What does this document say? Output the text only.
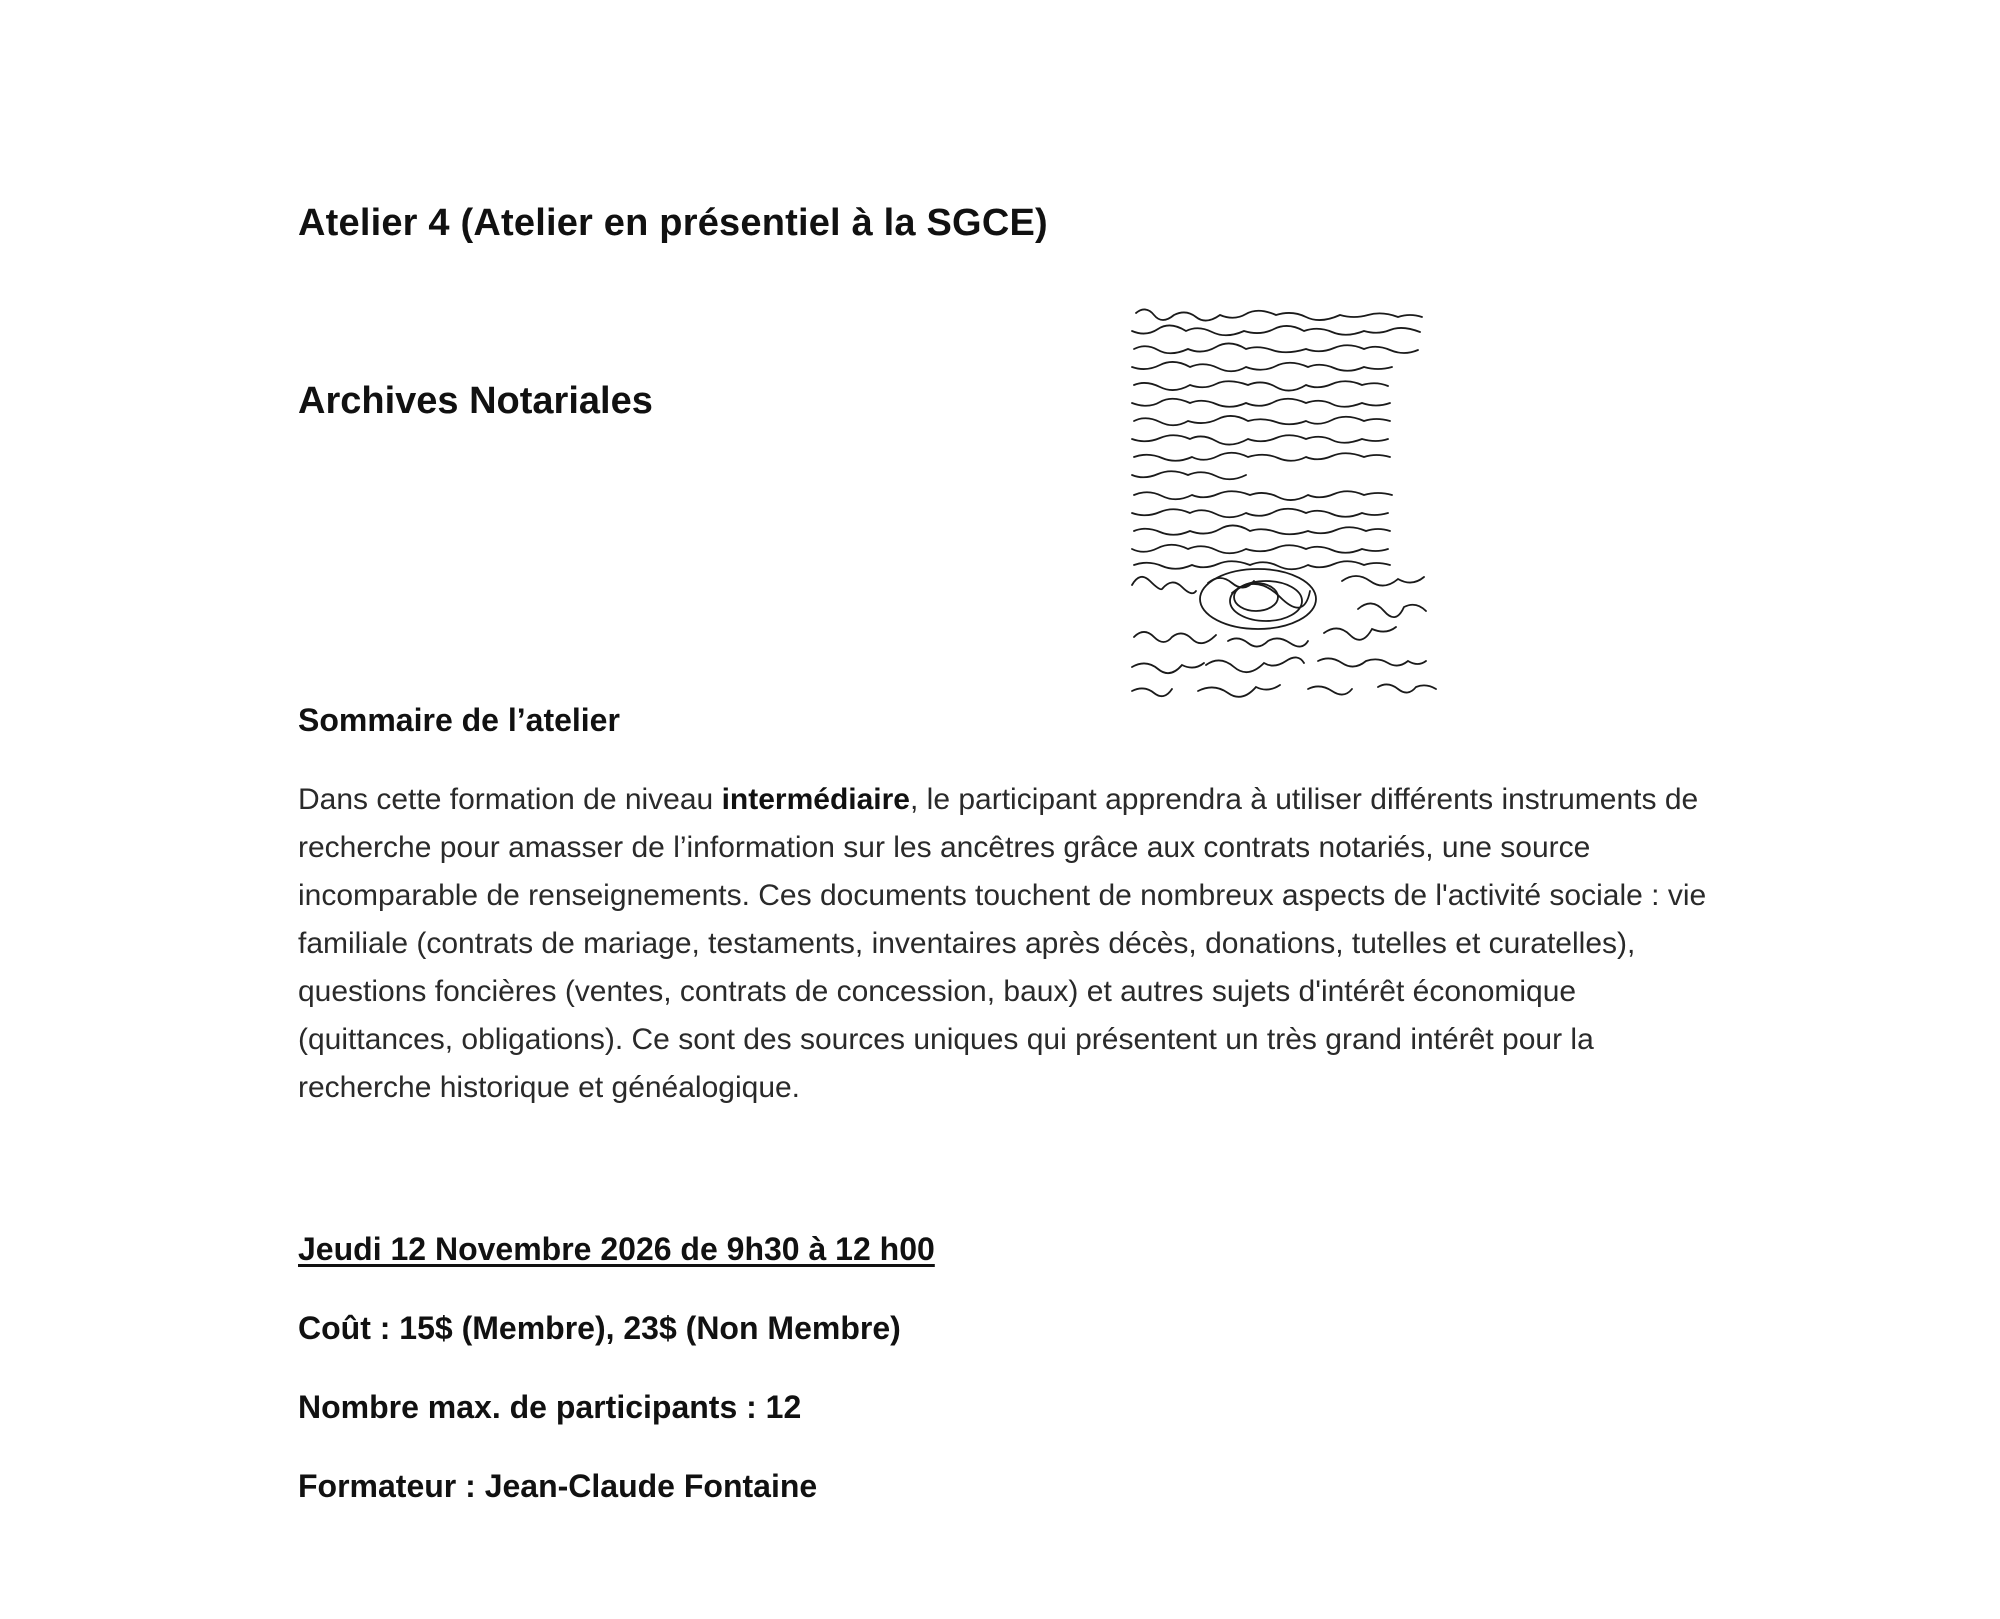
Atelier 4 (Atelier en présentiel à la SGCE)
Archives Notariales
Sommaire de l’atelier

Dans cette formation de niveau intermédiaire, le participant apprendra à utiliser différents instruments de recherche pour amasser de l’information sur les ancêtres grâce aux contrats notariés, une source incomparable de renseignements. Ces documents touchent de nombreux aspects de l'activité sociale : vie familiale (contrats de mariage, testaments, inventaires après décès, donations, tutelles et curatelles), questions foncières (ventes, contrats de concession, baux) et autres sujets d'intérêt économique (quittances, obligations). Ce sont des sources uniques qui présentent un très grand intérêt pour la recherche historique et généalogique.

Jeudi 12 Novembre 2026 de 9h30 à 12 h00

Coût : 15$ (Membre), 23$ (Non Membre)

Nombre max. de participants : 12

Formateur : Jean-Claude Fontaine
